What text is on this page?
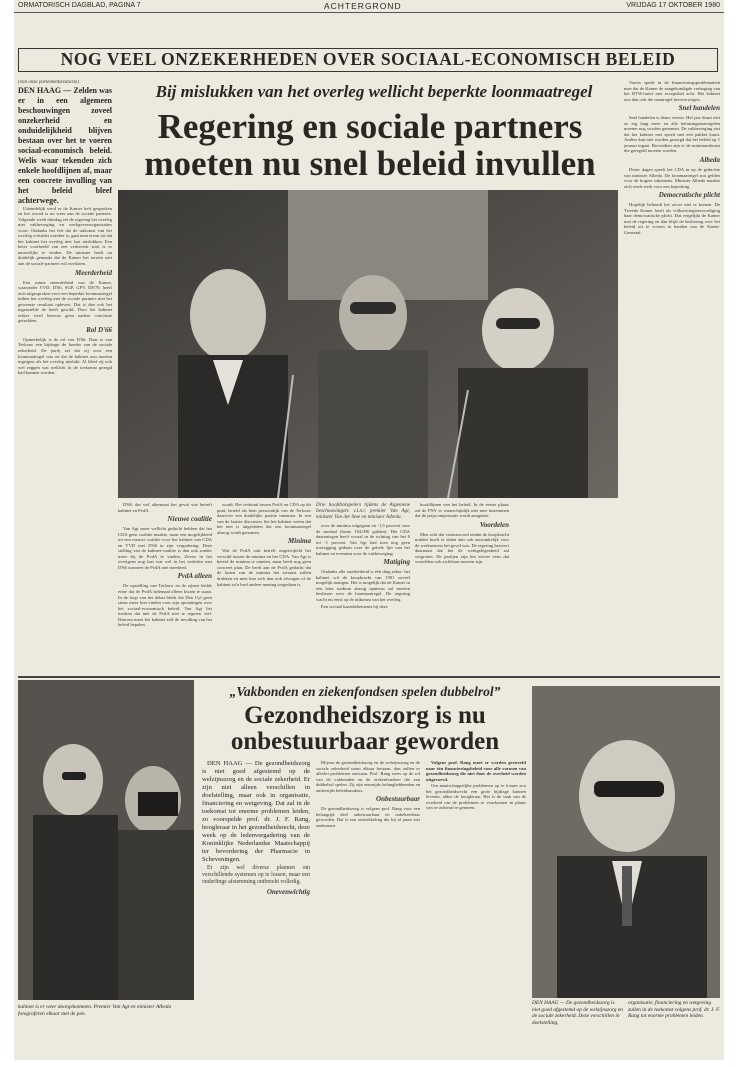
ORMATORISCH DAGBLAD, PAGINA 7	ACHTERGROND	VRIJDAG 17 OKTOBER 1980
NOG VEEL ONZEKERHEDEN OVER SOCIAAL-ECONOMISCH BELEID
(Van onze parlementsredactie)
DEN HAAG — Zelden was er in een algemeen beschouwingen zoveel onzekerheid en onduidelijkheid blijven bestaan over het te voeren sociaal-economisch beleid. Welis waar tekenden zich enkele hoofdlijnen af, maar een concrete invulling van het beleid bleef achterwege.

Uiteindelijk werd er de Kamer heft gesproken en het woord is nu weer aan de sociale partners. Volgende week dinsdag zet de regering het overleg met vakbeweging en werkgeversorganisaties voort. Ondanks het feit dat de uitkomst van het overleg volstrekt onzeker is, gaat men ervan uit dat het kabinet het overleg niet laat mislukken. Een beter voorbeeld van een verkeerde start is er nauwelijks te vinden. De minister heeft nu duidelijk gemaakt dat de Kamer het terrein niet aan de sociale partners wil overlaten.

Meerderheid

Een ruime meerderheid van de Kamer, waaronder VVD, D'66, SGP, GPV, DS'70, heeft zich uitgesproken voor een beperkte loonmaatregel indien het overleg met de sociale partners niet het gewenste resultaat oplevert. Dat is dan ook het tegenstelde de heeft gewild. Door het kabinet echter werd hiervan geen nadere conclusie getrokken.

Rol D'66

Opmerkelijk is de rol van D'66. Daar is van Terlouw een bijdrage de hoeder van de sociale zekerheid. De partij zei dat zij voor een loonmaatregel was en dat de kabinet zou moeten ingrijpen als het overleg mislukt. Al bleef zij ook wel zeggen wat wellicht in de toekomst gezegd had kunnen worden.

Bij mislukken van het overleg wellicht beperkte loonmaatregel
Regering en sociale partners moeten nu snel beleid invullen

D'66, dat wel altermaat het geval wat betreft kabinet en PvdA.

Nieuwe coalitie

Van Agt moet wellicht gedacht hebben dat het CDA geen coalitie maakte, maar een mogelijkheid tot een nieuwe coalitie voor het kabinet van CDA en VVD met D'66 in zijn vergadering. Deze stelling van de kabinet-coalitie is dan ook zonder meer bij de PvdA te vinden. Zeven in het overigens nog laat wat wel in het verleden met D'66 wanneer de PvdA niet meedeed.

PvdA alleen

De opstelling van Terlouw en de zijnen leidde ertoe dat de PvdA helemaal alleen kwam te staan. In de loop van het debat bleek dat Den Uyl geen steun meer kon vinden voor zijn opvattingen over het sociaal-economisch beleid. Van Agt liet merken dat met de PvdA niet te regeren viel. Daarom moet het kabinet zelf de invulling van het beleid bepalen.

wordt. Het verbond tussen PvdA en CDA op dit punt, bereid als hem persoonlijk van de Terlouw daarover een duidelijke positie innemen. In een van de laatste discussies liet het kabinet weten dat het niet is uitgesloten dat een loonmaatregel alsnog wordt genomen.

Minima

Wat de PvdA ook betreft ongetwijfeld het verschil tussen de minima en het CDA. Van Agt is bereid de minima te ontzien, maar heeft nog geen concreet plan. De heeft aan de PvdA gedacht dat de lasten van de minima het zwaarst zullen drukken en men kan zich dan ook afvragen of de kabinet zo'n heel andere mening toegedaan is.

Drie hoofdrolspelers tijdens de Algemene beschouwingen: v.l.n.r. premier Van Agt, minister Van der Stee en minister Albeda.

over de minima uitgegaan en -1,5 procent voor de modaal (bruto 104,000 gulden). Het CDA daarentegen heeft vooral in de richting van het 0 tot -1 procent. Van Agt had toen nog geen toezegging gedaan over de gehele lijn van het kabinet en evenmin voor de vakbeweging.

Matiging

Ondanks alle onzekerheid is één ding zeker: het kabinet wil de koopkracht van 1981 zoveel mogelijk matigen. Het is mogelijk dat de Kamer in een later stadium alsnog opnieuw zal moeten beslissen over de loonmaatregel. De regering wacht nu eerst op de uitkomst van het overleg.

Een sociaal kaatsbekentenis bij deze

hoofdlijnen van het beleid. In de eerste plaats zal de FNV er waarschijnlijk niet mee instemmen dat de prijscompensatie wordt aangetast.

Voordelen

Men acht dat verantwoord omdat de koopkracht minder hoeft te dalen dan ook aanvankelijk voor de werknemers het geval was. De regering beweert daarnaast dat het de werkgelegenheid zal vergroten. De partijen zijn het erover eens dat voordelen ook zichtbaar moeten zijn.

Voorts speelt in de financieringsproblematiek mee dat de Kamer de aangekondigde verhoging van het BTW-tarief niet acceptabel acht. Het kabinet zou dan ook die maatregel heroverwegen.

Snel handelen

Snel handelen is thans vereist. Het jaar duurt niet zo erg lang meer en alle belastingmaatregelen moeten nog worden genomen. De vakbeweging eist dat het kabinet met spoed met een pakket komt. Anders kan niet worden gezorgd dat het beleid op 1 januari ingaat. Bovendien zijn er de minimumlonen die geregeld moeten worden.

Albeda

Dezer dagen speelt het CDA in op de gedachte van minister Albeda. De loonmaatregel zou gelden voor de hogere inkomens. Minister Albeda maakte zich reeds sterk voor een beperking.

Democratische plicht

Hopelijk behoudt het zover niet te komen. De Tweede Kamer heeft als volksvertegenwoordiging haar democratische plicht. Dat vergelijkt de Kamer met de regering en dan blijft de beslissing over het beleid uit te voeren in handen van de Staten-Generaal.

kabinet is er weer doorgekommen. Premier Van Agt en minister Albeda fotograferen elkaar met de pen.
„Vakbonden en ziekenfondsen spelen dubbelrol”
Gezondheidszorg is nu onbestuurbaar geworden

DEN HAAG — De gezondheidszorg is niet goed afgestemd op de welzijnszorg en de sociale zekerheid. Er zijn niet alleen verschillen in doelstelling, maar ook in organisatie, financiering en wetgeving. Dat zal in de toekomst tot enorme problemen leiden, zo voorspelde prof. dr. J. F. Rang, hoogleraar in het gezondheidsrecht, deze week op de ledenvergadering van de Koninklijke Nederlandse Maatschappij ter bevordering der Pharmacie in Scheveningen.

Er zijn wel diverse plannen om verschillende systemen op te lossen, maar een onderlinge afstemming ontbreekt volledig.

Onevenwichtig

Blijven de gezondheidszorg en de welzijnszorg en de sociale zekerheid naast elkaar bestaan, dan zullen er allerlei problemen ontstaan. Prof. Rang wees op de rol van de vakbonden en de ziekenfondsen die een dubbelrol spelen. Zij zijn enerzijds belanghebbenden en anderzijds beleidsmakers.

Onbestuurbaar

De gezondheidszorg is volgens prof. Rang voor een belangrijk deel onbestuurbaar en onbeheerbaar geworden. Dat is een ontwikkeling die hij al jaren ziet aankomen.

Volgens prof. Rang moet er worden gestreefd naar één financieringsbeleid voor alle vormen van gezondheidszorg die niet door de overheid worden uitgevoerd.

Om maatschappelijke problemen op te lossen zou het gezondheidsrecht een grote bijdrage kunnen leveren, aldus de hoogleraar. Het is de taak van de overheid om de problemen te voorkomen in plaats van ze achteraf te genezen.

DEN HAAG — De gezondheidszorg is niet goed afgestemd op de welzijnszorg en de sociale zekerheid. Deze verschillen in doelstelling,
organisatie, financiering en wetgeving zullen in de toekomst volgens prof. dr. J. F. Rang tot enorme problemen leiden.
